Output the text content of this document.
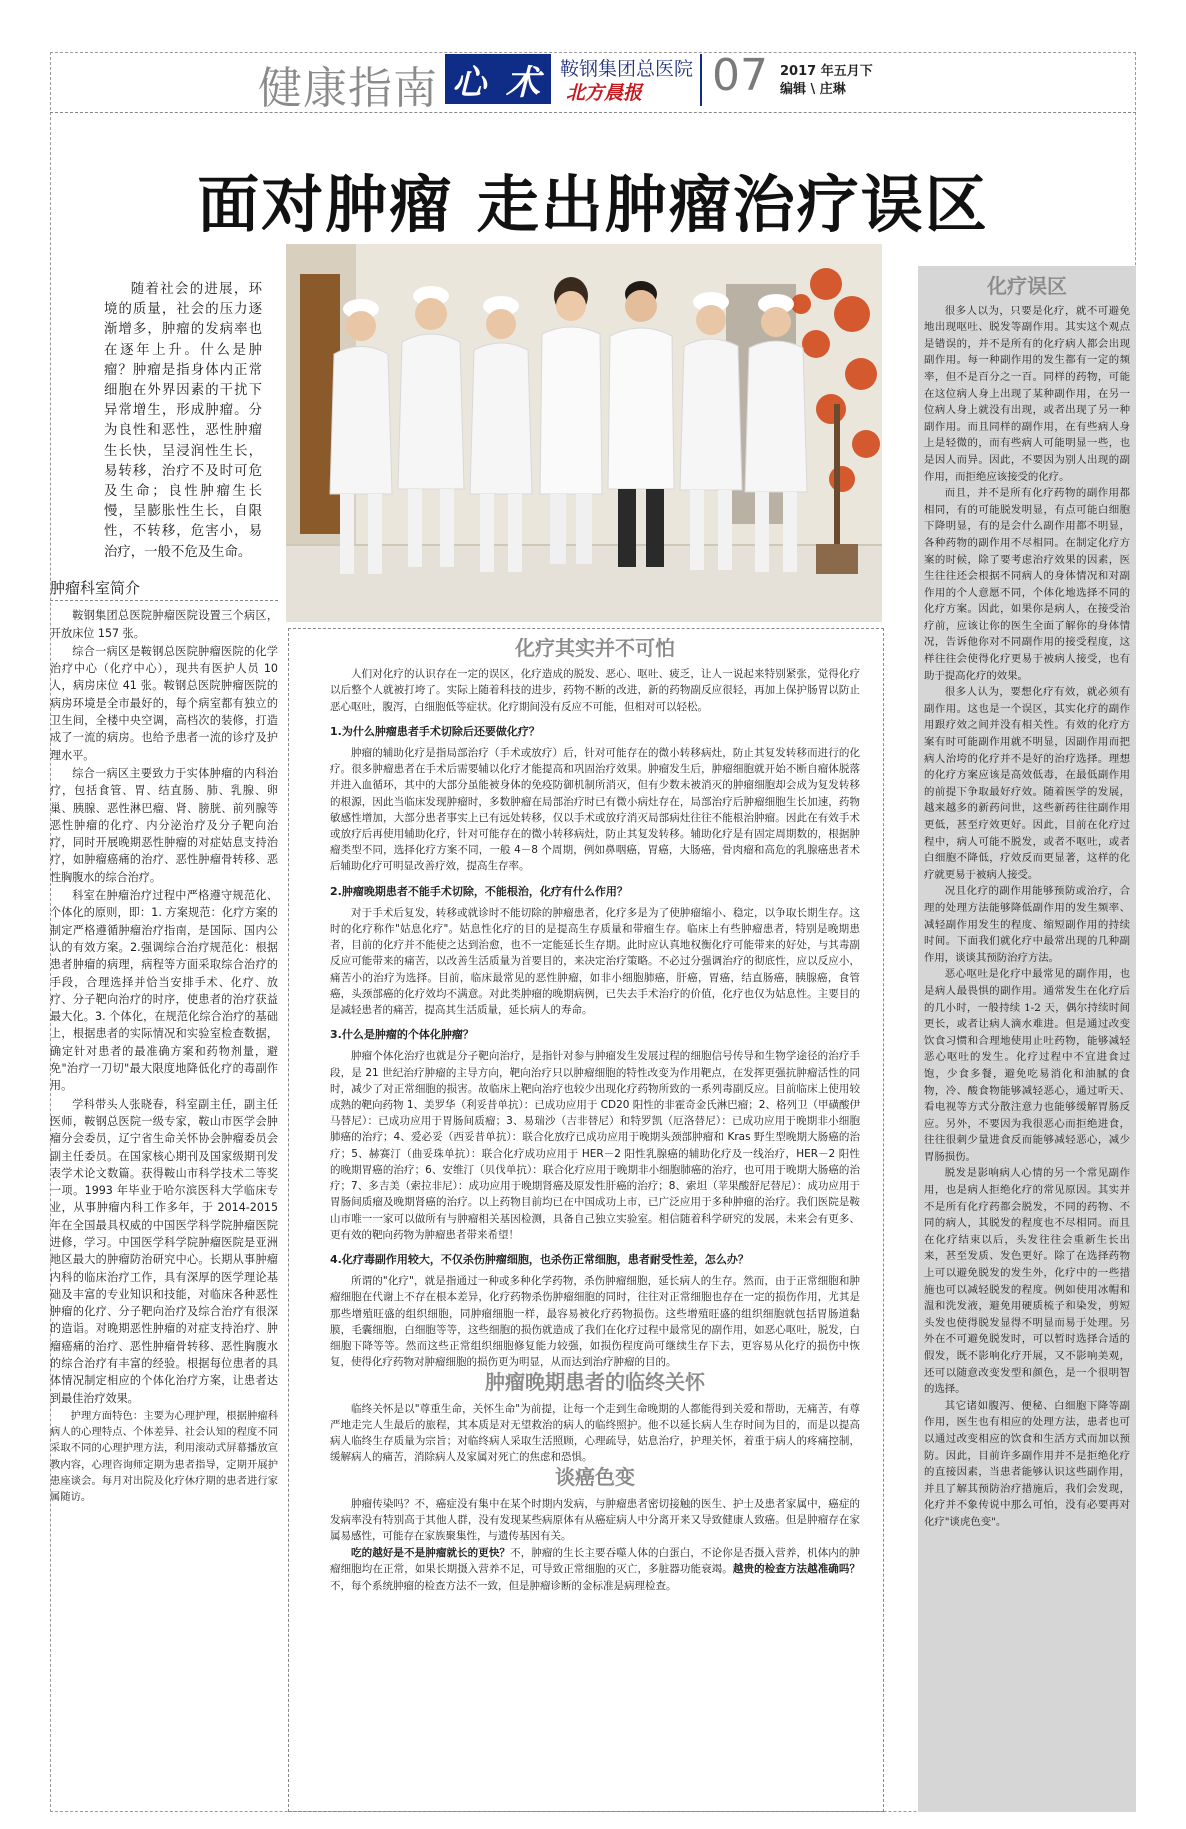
健康指南 心 术 鞍钢集团总医院
北方晨报 07 2017 年五月下
编辑 \ 庄琳
面对肿瘤 走出肿瘤治疗误区

随着社会的进展，环境的质量，社会的压力逐渐增多，肿瘤的发病率也在逐年上升。什么是肿瘤？肿瘤是指身体内正常细胞在外界因素的干扰下异常增生，形成肿瘤。分为良性和恶性，恶性肿瘤生长快，呈浸润性生长，易转移，治疗不及时可危及生命；良性肿瘤生长慢，呈膨胀性生长，自限性，不转移，危害小，易治疗，一般不危及生命。

肿瘤科室简介

鞍钢集团总医院肿瘤医院设置三个病区，开放床位 157 张。

综合一病区是鞍钢总医院肿瘤医院的化学治疗中心（化疗中心），现共有医护人员 10 人，病房床位 41 张。鞍钢总医院肿瘤医院的病房环境是全市最好的，每个病室都有独立的卫生间，全楼中央空调，高档次的装修，打造成了一流的病房。也给予患者一流的诊疗及护理水平。

综合一病区主要致力于实体肿瘤的内科治疗，包括食管、胃、结直肠、肺、乳腺、卵巢、胰腺、恶性淋巴瘤、肾、膀胱、前列腺等恶性肿瘤的化疗、内分泌治疗及分子靶向治疗，同时开展晚期恶性肿瘤的对症姑息支持治疗，如肿瘤癌痛的治疗、恶性肿瘤骨转移、恶性胸腹水的综合治疗。

科室在肿瘤治疗过程中严格遵守规范化、个体化的原则，即：1. 方案规范：化疗方案的制定严格遵循肿瘤治疗指南，是国际、国内公认的有效方案。2.强调综合治疗规范化：根据患者肿瘤的病理，病程等方面采取综合治疗的手段，合理选择并恰当安排手术、化疗、放疗、分子靶向治疗的时序，使患者的治疗获益最大化。3. 个体化，在规范化综合治疗的基础上，根据患者的实际情况和实验室检查数据，确定针对患者的最准确方案和药物剂量，避免"治疗一刀切"最大限度地降低化疗的毒副作用。

学科带头人张晓春，科室副主任，副主任医师，鞍钢总医院一级专家，鞍山市医学会肿瘤分会委员，辽宁省生命关怀协会肿瘤委员会副主任委员。在国家核心期刊及国家级期刊发表学术论文数篇。获得鞍山市科学技术二等奖一项。1993 年毕业于哈尔滨医科大学临床专业，从事肿瘤内科工作多年，于 2014-2015 年在全国最具权威的中国医学科学院肿瘤医院进修，学习。中国医学科学院肿瘤医院是亚洲地区最大的肿瘤防治研究中心。长期从事肿瘤内科的临床治疗工作，具有深厚的医学理论基础及丰富的专业知识和技能，对临床各种恶性肿瘤的化疗、分子靶向治疗及综合治疗有很深的造诣。对晚期恶性肿瘤的对症支持治疗、肿瘤癌痛的治疗、恶性肿瘤骨转移、恶性胸腹水的综合治疗有丰富的经验。根据每位患者的具体情况制定相应的个体化治疗方案，让患者达到最佳治疗效果。

护理方面特色：主要为心理护理，根据肿瘤科病人的心理特点、个体差异、社会认知的程度不同采取不同的心理护理方法，利用滚动式屏幕播放宣教内容，心理咨询师定期为患者指导，定期开展护患座谈会。每月对出院及化疗休疗期的患者进行家属随访。

化疗其实并不可怕

人们对化疗的认识存在一定的误区，化疗造成的脱发、恶心、呕吐、疲乏，让人一说起来特别紧张，觉得化疗以后整个人就被打垮了。实际上随着科技的进步，药物不断的改进，新的药物副反应很轻，再加上保护肠胃以防止恶心呕吐，腹泻，白细胞低等症状。化疗期间没有反应不可能，但相对可以轻松。

1.为什么肿瘤患者手术切除后还要做化疗？

肿瘤的辅助化疗是指局部治疗（手术或放疗）后，针对可能存在的微小转移病灶，防止其复发转移而进行的化疗。很多肿瘤患者在手术后需要辅以化疗才能提高和巩固治疗效果。肿瘤发生后，肿瘤细胞就开始不断自瘤体脱落并进入血循环，其中的大部分虽能被身体的免疫防御机制所消灭，但有少数未被消灭的肿瘤细胞却会成为复发转移的根源，因此当临床发现肿瘤时，多数肿瘤在局部治疗时已有微小病灶存在，局部治疗后肿瘤细胞生长加速，药物敏感性增加，大部分患者事实上已有远处转移，仅以手术或放疗消灭局部病灶往往不能根治肿瘤。因此在有效手术或放疗后再使用辅助化疗，针对可能存在的微小转移病灶，防止其复发转移。辅助化疗是有固定周期数的，根据肿瘤类型不同，选择化疗方案不同，一般 4－8 个周期，例如鼻咽癌，胃癌，大肠癌，骨肉瘤和高危的乳腺癌患者术后辅助化疗可明显改善疗效，提高生存率。

2.肿瘤晚期患者不能手术切除，不能根治，化疗有什么作用？

对于手术后复发，转移或就诊时不能切除的肿瘤患者，化疗多是为了使肿瘤缩小、稳定，以争取长期生存。这时的化疗称作"姑息化疗"。姑息性化疗的目的是提高生存质量和带瘤生存。临床上有些肿瘤患者，特别是晚期患者，目前的化疗并不能使之达到治愈，也不一定能延长生存期。此时应认真地权衡化疗可能带来的好处，与其毒副反应可能带来的痛苦，以改善生活质量为首要目的，来决定治疗策略。不必过分强调治疗的彻底性，应以反应小，痛苦小的治疗为选择。目前，临床最常见的恶性肿瘤，如非小细胞肺癌，肝癌，胃癌，结直肠癌，胰腺癌，食管癌，头颈部癌的化疗效均不满意。对此类肿瘤的晚期病例，已失去手术治疗的价值，化疗也仅为姑息性。主要目的是减轻患者的痛苦，提高其生活质量，延长病人的寿命。

3.什么是肿瘤的个体化肿瘤？

肿瘤个体化治疗也就是分子靶向治疗，是指针对参与肿瘤发生发展过程的细胞信号传导和生物学途径的治疗手段，是 21 世纪治疗肿瘤的主导方向，靶向治疗只以肿瘤细胞的特性改变为作用靶点，在发挥更强抗肿瘤活性的同时，减少了对正常细胞的损害。故临床上靶向治疗也较少出现化疗药物所致的一系列毒副反应。目前临床上使用较成熟的靶向药物 1、美罗华（利妥昔单抗）：已成功应用于 CD20 阳性的非霍奇金氏淋巴瘤；2、格列卫（甲磺酸伊马替尼）：已成功应用于胃肠间质瘤；3、易瑞沙（吉非替尼）和特罗凯（厄洛替尼）：已成功应用于晚期非小细胞肺癌的治疗；4、爱必妥（西妥昔单抗）：联合化放疗已成功应用于晚期头颈部肿瘤和 Kras 野生型晚期大肠癌的治疗；5、赫赛汀（曲妥珠单抗）：联合化疗成功应用于 HER－2 阳性乳腺癌的辅助化疗及一线治疗，HER－2 阳性的晚期胃癌的治疗；6、安维汀（贝伐单抗）：联合化疗应用于晚期非小细胞肺癌的治疗，也可用于晚期大肠癌的治疗；7、多吉美（索拉非尼）：成功应用于晚期肾癌及原发性肝癌的治疗；8、索坦（苹果酸舒尼替尼）：成功应用于胃肠间质瘤及晚期肾癌的治疗。以上药物目前均已在中国成功上市，已广泛应用于多种肿瘤的治疗。我们医院是鞍山市唯一一家可以做所有与肿瘤相关基因检测，具备自己独立实验室。相信随着科学研究的发展，未来会有更多、更有效的靶向药物为肿瘤患者带来希望！

4.化疗毒副作用较大，不仅杀伤肿瘤细胞，也杀伤正常细胞，患者耐受性差，怎么办？

所谓的"化疗"，就是指通过一种或多种化学药物，杀伤肿瘤细胞，延长病人的生存。然而，由于正常细胞和肿瘤细胞在代谢上不存在根本差异，化疗药物杀伤肿瘤细胞的同时，往往对正常细胞也存在一定的损伤作用，尤其是那些增殖旺盛的组织细胞，同肿瘤细胞一样，最容易被化疗药物损伤。这些增殖旺盛的组织细胞就包括胃肠道黏膜，毛囊细胞，白细胞等等，这些细胞的损伤就造成了我们在化疗过程中最常见的副作用，如恶心呕吐，脱发，白细胞下降等等。然而这些正常组织细胞修复能力较强，如损伤程度尚可继续生存下去，更容易从化疗的损伤中恢复，使得化疗药物对肿瘤细胞的损伤更为明显，从而达到治疗肿瘤的目的。

肿瘤晚期患者的临终关怀

临终关怀是以"尊重生命，关怀生命"为前提，让每一个走到生命晚期的人都能得到关爱和帮助，无痛苦，有尊严地走完人生最后的旅程，其本质是对无望救治的病人的临终照护。他不以延长病人生存时间为目的，而是以提高病人临终生存质量为宗旨；对临终病人采取生活照顾，心理疏导，姑息治疗，护理关怀，着重于病人的疼痛控制，缓解病人的痛苦，消除病人及家属对死亡的焦虑和恐惧。

谈癌色变

肿瘤传染吗？不，癌症没有集中在某个时期内发病，与肿瘤患者密切接触的医生、护士及患者家属中，癌症的发病率没有特别高于其他人群，没有发现某些病原体有从癌症病人中分离开来又导致健康人致癌。但是肿瘤存在家属易感性，可能存在家族聚集性，与遗传基因有关。

吃的越好是不是肿瘤就长的更快？不，肿瘤的生长主要吞噬人体的白蛋白，不论你是否摄入营养，机体内的肿瘤细胞均在正常，如果长期摄入营养不足，可导致正常细胞的灭亡，多脏器功能衰竭。越贵的检查方法越准确吗？不，每个系统肿瘤的检查方法不一致，但是肿瘤诊断的金标准是病理检查。

化疗误区

很多人以为，只要是化疗，就不可避免地出现呕吐、脱发等副作用。其实这个观点是错误的，并不是所有的化疗病人都会出现副作用。每一种副作用的发生都有一定的频率，但不是百分之一百。同样的药物，可能在这位病人身上出现了某种副作用，在另一位病人身上就没有出现，或者出现了另一种副作用。而且同样的副作用，在有些病人身上是轻微的，而有些病人可能明显一些，也是因人而异。因此，不要因为别人出现的副作用，而拒绝应该接受的化疗。

而且，并不是所有化疗药物的副作用都相同，有的可能脱发明显，有点可能白细胞下降明显，有的是会什么副作用都不明显，各种药物的副作用不尽相同。在制定化疗方案的时候，除了要考虑治疗效果的因素，医生往往还会根据不同病人的身体情况和对副作用的个人意愿不同，个体化地选择不同的化疗方案。因此，如果你是病人，在接受治疗前，应该让你的医生全面了解你的身体情况，告诉他你对不同副作用的接受程度，这样往往会使得化疗更易于被病人接受，也有助于提高化疗的效果。

很多人认为，要想化疗有效，就必须有副作用。这也是一个误区，其实化疗的副作用跟疗效之间并没有相关性。有效的化疗方案有时可能副作用就不明显，因副作用而把病人治垮的化疗并不是好的治疗选择。理想的化疗方案应该是高效低毒，在最低副作用的前提下争取最好疗效。随着医学的发展，越来越多的新药问世，这些新药往往副作用更低，甚至疗效更好。因此，目前在化疗过程中，病人可能不脱发，或者不呕吐，或者白细胞不降低，疗效反而更显著，这样的化疗就更易于被病人接受。

况且化疗的副作用能够预防或治疗，合理的处理方法能够降低副作用的发生频率、减轻副作用发生的程度、缩短副作用的持续时间。下面我们就化疗中最常出现的几种副作用，谈谈其预防治疗方法。

恶心呕吐是化疗中最常见的副作用，也是病人最畏惧的副作用。通常发生在化疗后的几小时，一般持续 1-2 天，偶尔持续时间更长，或者让病人滴水难进。但是通过改变饮食习惯和合理地使用止吐药物，能够减轻恶心呕吐的发生。化疗过程中不宜进食过饱，少食多餐，避免吃易消化和油腻的食物，冷、酸食物能够减轻恶心，通过听天、看电视等方式分散注意力也能够缓解胃肠反应。另外，不要因为我很恶心而拒绝进食，往往很刺少量进食反而能够减轻恶心，减少胃肠损伤。

脱发是影响病人心情的另一个常见副作用，也是病人拒绝化疗的常见原因。其实并不是所有化疗药都会脱发，不同的药物、不同的病人，其脱发的程度也不尽相同。而且在化疗结束以后，头发往往会重新生长出来，甚至发质、发色更好。除了在选择药物上可以避免脱发的发生外，化疗中的一些措施也可以减轻脱发的程度。例如使用冰帽和温和洗发液，避免用硬质梳子和染发，剪短头发也使得脱发显得不明显而易于处理。另外在不可避免脱发时，可以暂时选择合适的假发，既不影响化疗开展，又不影响美观，还可以随意改变发型和颜色，是一个很明智的选择。

其它诸如腹泻、便秘、白细胞下降等副作用，医生也有相应的处理方法，患者也可以通过改变相应的饮食和生活方式而加以预防。因此，目前许多副作用并不是拒绝化疗的直接因素，当患者能够认识这些副作用，并且了解其预防治疗措施后，我们会发现，化疗并不象传说中那么可怕，没有必要再对化疗"谈虎色变"。
